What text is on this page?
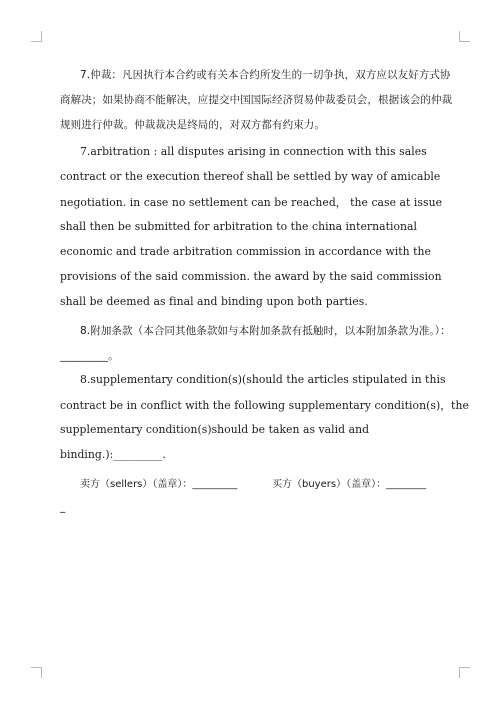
7.仲裁：凡因执行本合约或有关本合约所发生的一切争执，双方应以友好方式协
商解决；如果协商不能解决，应提交中国国际经济贸易仲裁委员会，根据该会的仲裁
规则进行仲裁。仲裁裁决是终局的，对双方都有约束力。
7.arbitration : all disputes arising in connection with this sales
contract or the execution thereof shall be settled by way of amicable
negotiation. in case no settlement can be reached， the case at issue
shall then be submitted for arbitration to the china international
economic and trade arbitration commission in accordance with the
provisions of the said commission. the award by the said commission
shall be deemed as final and binding upon both parties.
8.附加条款（本合同其他条款如与本附加条款有抵触时，以本附加条款为准。）：
_________。
8.supplementary condition(s)(should the articles stipulated in this
contract be in conflict with the following supplementary condition(s)，the
supplementary condition(s)should be taken as valid and
binding.):_________.
卖方（sellers）（盖章）：_________	买方（buyers）（盖章）：________
_
